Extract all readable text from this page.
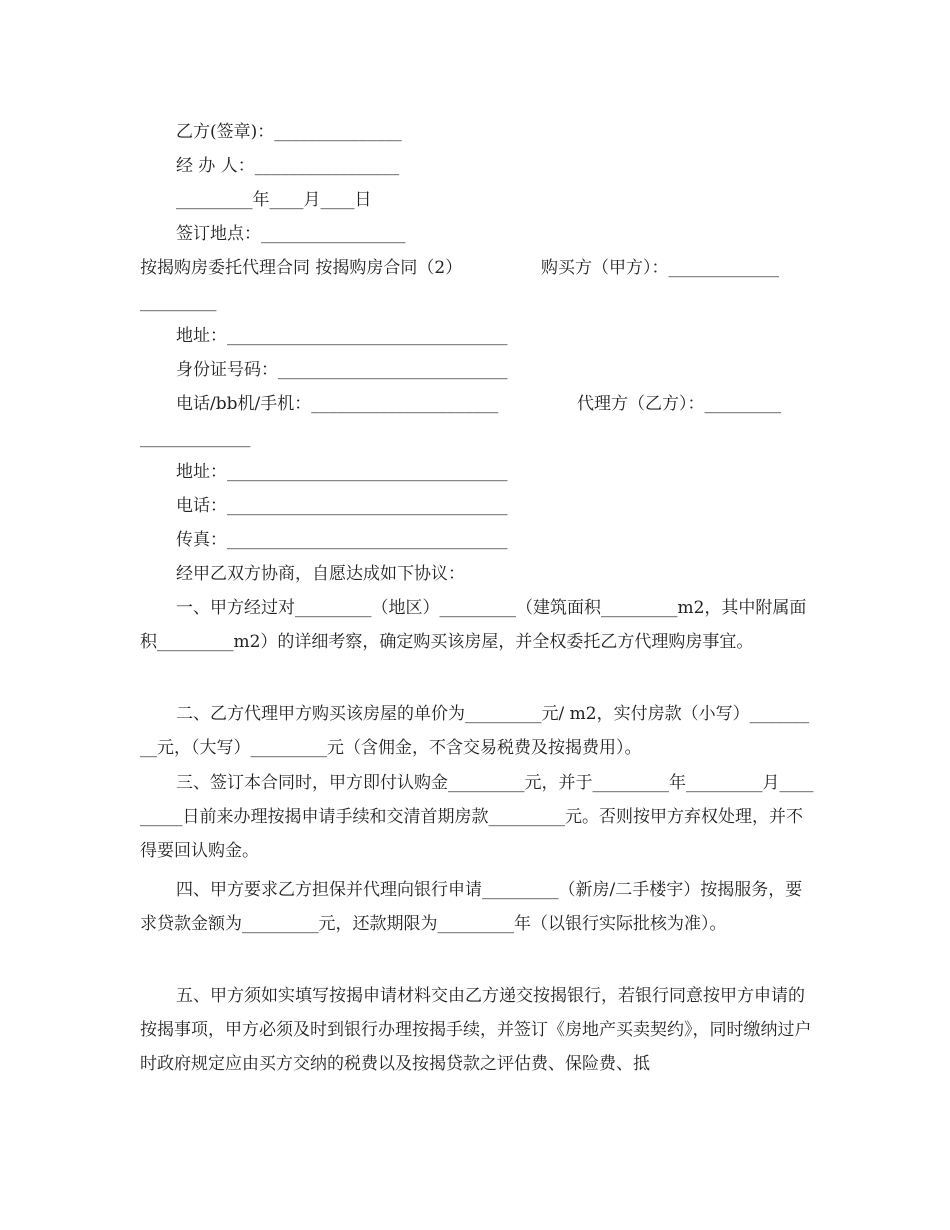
乙方(签章)：_______________

经 办 人：_________________

_________年____月____日

签订地点：_________________

按揭购房委托代理合同 按揭购房合同（2）	购买方（甲方）：_____________

_________

地址：_________________________________

身份证号码：___________________________

电话/bb机/手机：______________________	代理方（乙方）：_________

_____________

地址：_________________________________

电话：_________________________________

传真：_________________________________

经甲乙双方协商，自愿达成如下协议：

一、甲方经过对_________（地区）_________（建筑面积_________m2，其中附属面积_________m2）的详细考察，确定购买该房屋，并全权委托乙方代理购房事宜。

二、乙方代理甲方购买该房屋的单价为_________元/ m2，实付房款（小写）_________元，（大写）_________元（含佣金，不含交易税费及按揭费用）。

三、签订本合同时，甲方即付认购金_________元，并于_________年_________月_________日前来办理按揭申请手续和交清首期房款_________元。否则按甲方弃权处理，并不得要回认购金。

四、甲方要求乙方担保并代理向银行申请_________（新房/二手楼宇）按揭服务，要求贷款金额为_________元，还款期限为_________年（以银行实际批核为准）。

五、甲方须如实填写按揭申请材料交由乙方递交按揭银行，若银行同意按甲方申请的按揭事项，甲方必须及时到银行办理按揭手续，并签订《房地产买卖契约》，同时缴纳过户时政府规定应由买方交纳的税费以及按揭贷款之评估费、保险费、抵
